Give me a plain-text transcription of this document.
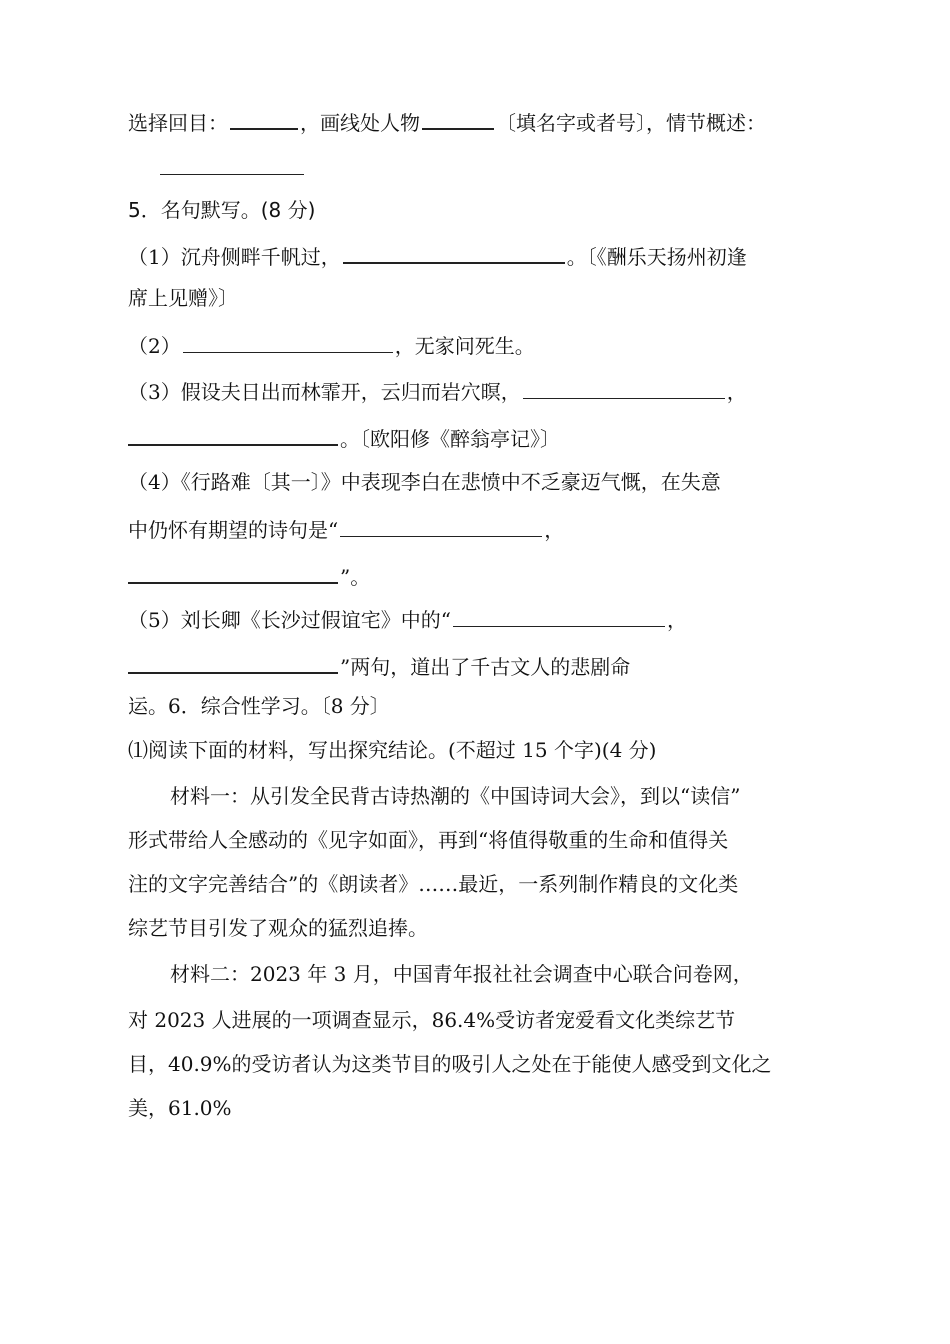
选择回目：	，画线处人物	〔填名字或者号〕，情节概述：
5．名句默写。(8 分)
（1）沉舟侧畔千帆过，	。〔《酬乐天扬州初逢
席上见赠》〕
（2）	，无家问死生。
（3）假设夫日出而林霏开，云归而岩穴暝，	，
。〔欧阳修《醉翁亭记》〕
（4）《行路难〔其一〕》中表现李白在悲愤中不乏豪迈气慨，在失意
中仍怀有期望的诗句是“	，
”。
（5）刘长卿《长沙过假谊宅》中的“	，
”两句，道出了千古文人的悲剧命
运。6．综合性学习。〔8 分〕
⑴阅读下面的材料，写出探究结论。(不超过 15 个字)(4 分)
材料一：从引发全民背古诗热潮的《中国诗词大会》，到以“读信”
形式带给人全感动的《见字如面》，再到“将值得敬重的生命和值得关
注的文字完善结合”的《朗读者》……最近，一系列制作精良的文化类
综艺节目引发了观众的猛烈追捧。
材料二：2023 年 3 月，中国青年报社社会调查中心联合问卷网，
对 2023 人进展的一项调查显示，86.4%受访者宠爱看文化类综艺节
目，40.9%的受访者认为这类节目的吸引人之处在于能使人感受到文化之
美，61.0%
